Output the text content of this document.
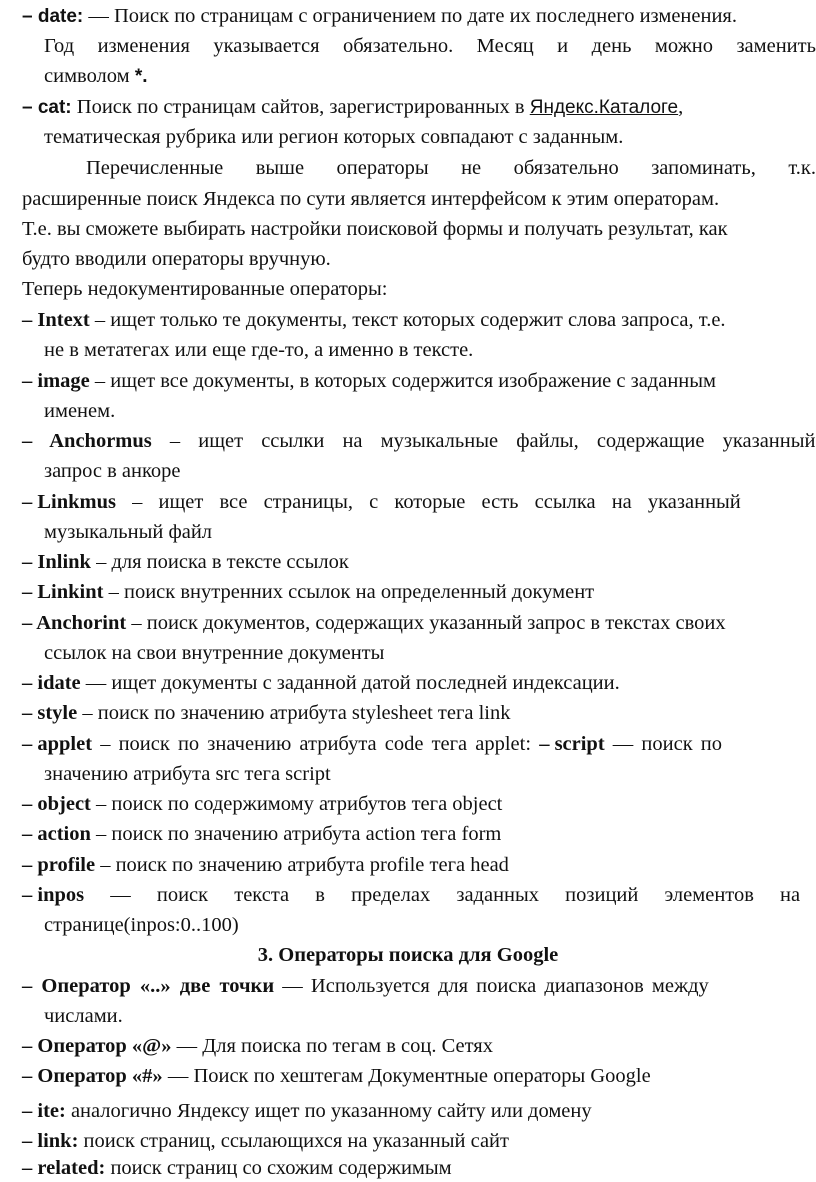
– date: — Поиск по страницам с ограничением по дате их последнего изменения.
Год изменения указывается обязательно. Месяц и день можно заменить
символом *.
– cat: Поиск по страницам сайтов, зарегистрированных в Яндекс.Каталоге,
тематическая рубрика или регион которых совпадают с заданным.
Перечисленные выше операторы не обязательно запоминать, т.к.
расширенные поиск Яндекса по сути является интерфейсом к этим операторам.
Т.е. вы сможете выбирать настройки поисковой формы и получать результат, как
будто вводили операторы вручную.
Теперь недокументированные операторы:
– Intext – ищет только те документы, текст которых содержит слова запроса, т.е.
не в метатегах или еще где-то, а именно в тексте.
– image – ищет все документы, в которых содержится изображение с заданным
именем.
– Anchormus – ищет ссылки на музыкальные файлы, содержащие указанный
запрос в анкоре
– Linkmus – ищет все страницы, с которые есть ссылка на указанный
музыкальный файл
– Inlink – для поиска в тексте ссылок
– Linkint – поиск внутренних ссылок на определенный документ
– Anchorint – поиск документов, содержащих указанный запрос в текстах своих
ссылок на свои внутренние документы
– idate — ищет документы с заданной датой последней индексации.
– style – поиск по значению атрибута stylesheet тега link
– applet – поиск по значению атрибута code тега applet: – script — поиск по
значению атрибута src тега script
– object – поиск по содержимому атрибутов тега object
– action – поиск по значению атрибута action тега form
– profile – поиск по значению атрибута profile тега head
– inpos — поиск текста в пределах заданных позиций элементов на
странице(inpos:0..100)
3. Операторы поиска для Google
– Оператор «..» две точки — Используется для поиска диапазонов между
числами.
– Оператор «@» — Для поиска по тегам в соц. Сетях
– Оператор «#» — Поиск по хештегам Документные операторы Google
– ite: аналогично Яндексу ищет по указанному сайту или домену
– link: поиск страниц, ссылающихся на указанный сайт
– related: поиск страниц со схожим содержимым
